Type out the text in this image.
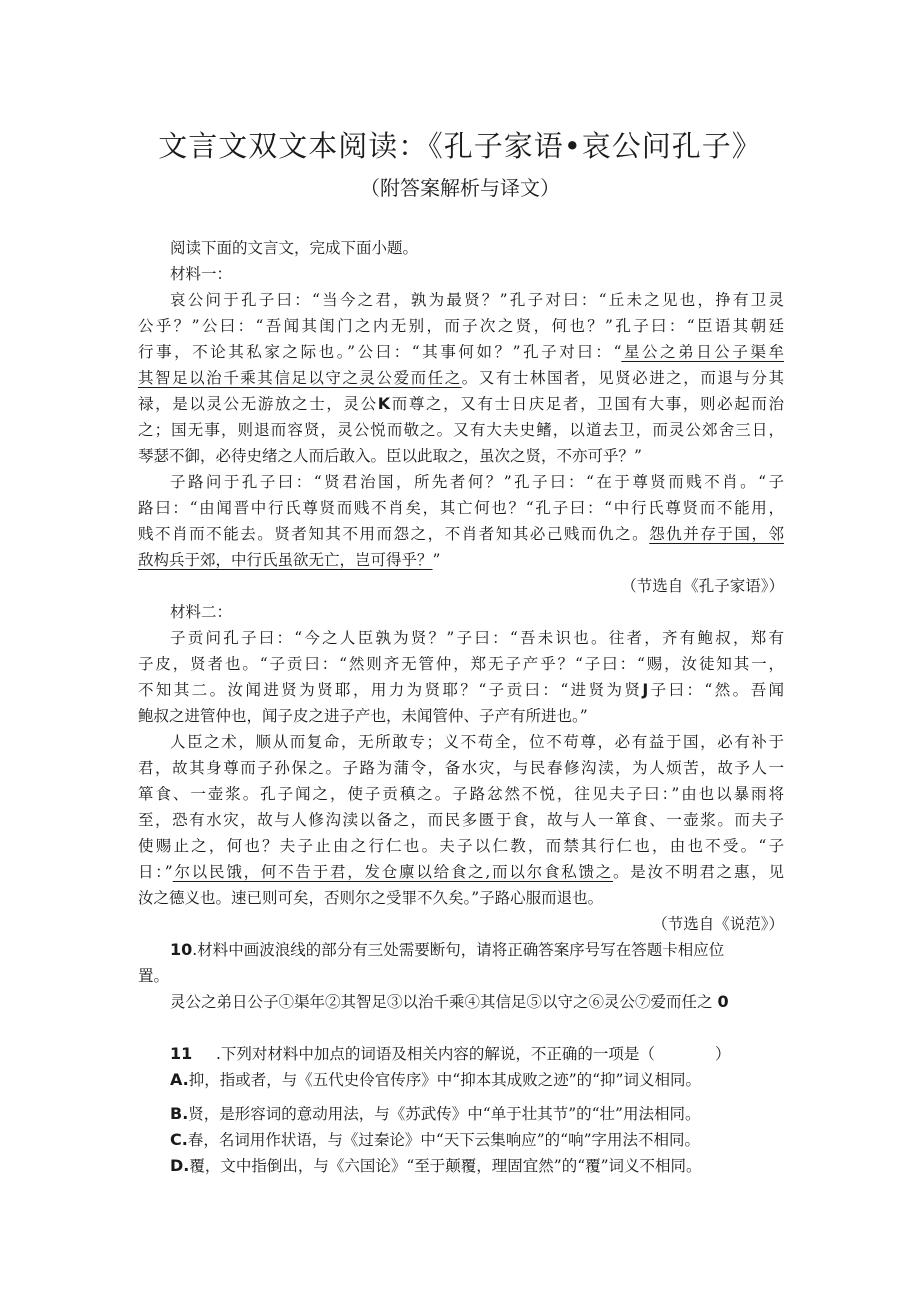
文言文双文本阅读：《孔子家语•哀公问孔子》
（附答案解析与译文）
阅读下面的文言文，完成下面小题。
材料一：
哀公问于孔子曰：“当今之君，孰为最贤？”孔子对曰：“丘未之见也，挣有卫灵
公乎？”公曰：“吾闻其闺门之内无别，而子次之贤，何也？”孔子曰：“臣语其朝廷
行事，不论其私家之际也。”公曰：“其事何如？”孔子对曰：“星公之弟日公子渠牟
其智足以治千乘其信足以守之灵公爱而任之。又有士林国者，见贤必进之，而退与分其
禄，是以灵公无游放之士，灵公K而尊之，又有士日庆足者，卫国有大事，则必起而治
之；国无事，则退而容贤，灵公悦而敬之。又有大夫史鳍，以道去卫，而灵公郊舍三日，
琴瑟不御，必待史绪之人而后敢入。臣以此取之，虽次之贤，不亦可乎？”
子路问于孔子曰：“贤君治国，所先者何？”孔子曰：“在于尊贤而贱不肖。“子
路曰：“由闻晋中行氏尊贤而贱不肖矣，其亡何也？“孔子曰：“中行氏尊贤而不能用，
贱不肖而不能去。贤者知其不用而怨之，不肖者知其必己贱而仇之。怨仇并存于国，邻
敌构兵于郊，中行氏虽欲无亡，岂可得乎？”
（节选自《孔子家语》）
材料二：
子贡问孔子曰：“今之人臣孰为贤？”子曰：“吾未识也。往者，齐有鲍叔，郑有
子皮，贤者也。“子贡曰：“然则齐无管仲，郑无子产乎？“子曰：“赐，汝徒知其一，
不知其二。汝闻进贤为贤耶，用力为贤耶？“子贡曰：“进贤为贤J子曰：“然。吾闻
鲍叔之进管仲也，闻子皮之进子产也，未闻管仲、子产有所进也。”
人臣之术，顺从而复命，无所敢专；义不苟全，位不苟尊，必有益于国，必有补于
君，故其身尊而子孙保之。子路为蒲令，备水灾，与民春修沟渎，为人烦苦，故予人一
箪食、一壶浆。孔子闻之，使子贡稹之。子路忿然不悦，往见夫子曰：”由也以暴雨将
至，恐有水灾，故与人修沟渎以备之，而民多匮于食，故与人一箪食、一壶浆。而夫子
使赐止之，何也？夫子止由之行仁也。夫子以仁教，而禁其行仁也，由也不受。“子
日：”尔以民饿，何不告于君，发仓廪以给食之,而以尔食私馈之。是汝不明君之惠，见
汝之德义也。速已则可矣，否则尔之受罪不久矣。”子路心服而退也。
（节选自《说范》）
10.材料中画波浪线的部分有三处需要断句，请将正确答案序号写在答题卡相应位
置。
灵公之弟日公子①渠年②其智足③以治千乘④其信足⑤以守之⑥灵公⑦爱而任之 0
11 .下列对材料中加点的词语及相关内容的解说，不正确的一项是（	）
A.抑，指或者，与《五代史伶官传序》中“抑本其成败之迹”的“抑”词义相同。
B.贤，是形容词的意动用法，与《苏武传》中“单于壮其节”的“壮”用法相同。
C.春，名词用作状语，与《过秦论》中“天下云集响应”的“响”字用法不相同。
D.覆，文中指倒出，与《六国论》“至于颠覆，理固宜然”的“覆”词义不相同。
